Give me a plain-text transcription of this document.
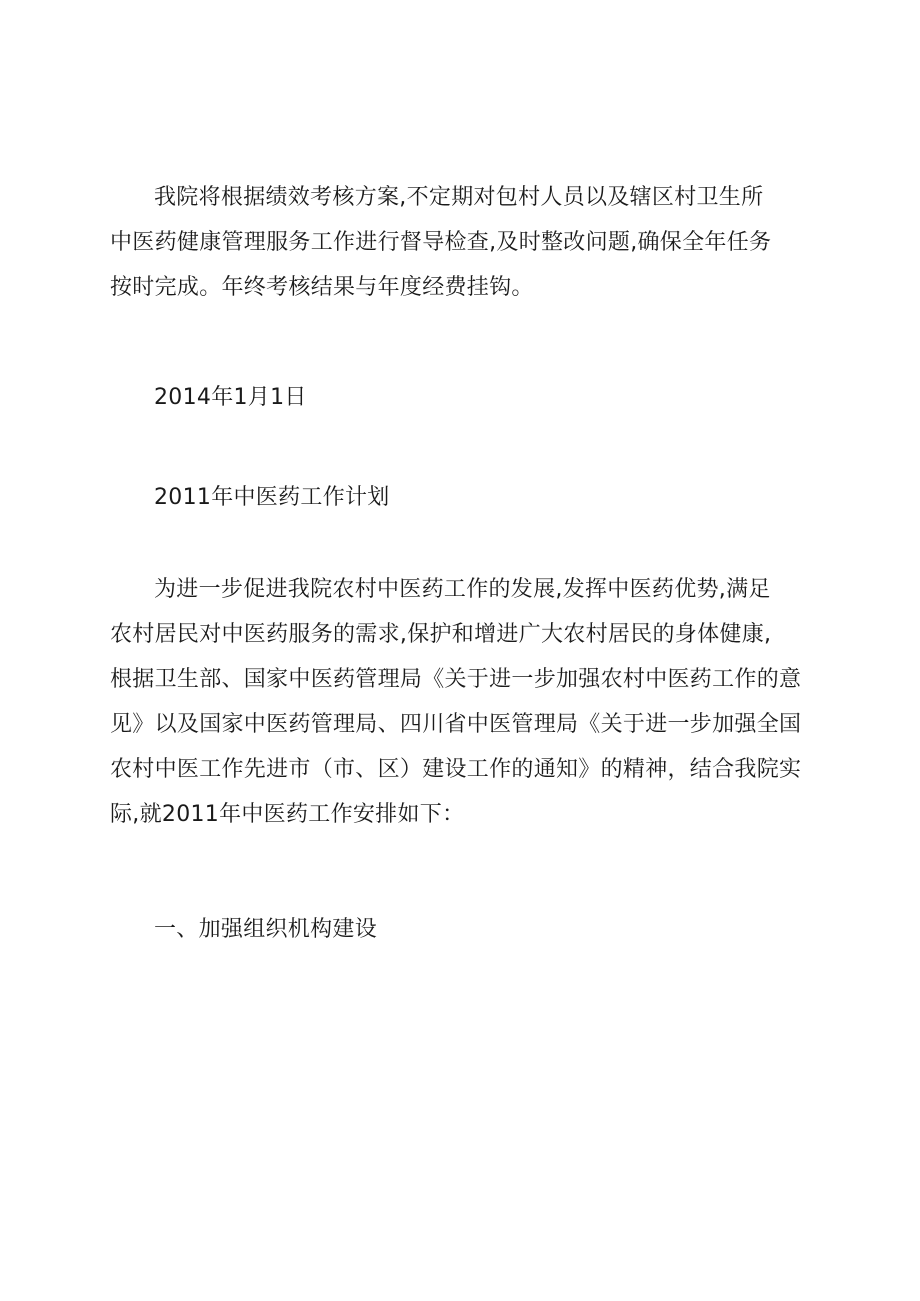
我院将根据绩效考核方案,不定期对包村人员以及辖区村卫生所
中医药健康管理服务工作进行督导检查,及时整改问题,确保全年任务
按时完成。年终考核结果与年度经费挂钩。
2014年1月1日
2011年中医药工作计划
为进一步促进我院农村中医药工作的发展,发挥中医药优势,满足
农村居民对中医药服务的需求,保护和增进广大农村居民的身体健康,
根据卫生部、国家中医药管理局《关于进一步加强农村中医药工作的意
见》以及国家中医药管理局、四川省中医管理局《关于进一步加强全国
农村中医工作先进市（市、区）建设工作的通知》的精神，结合我院实
际,就2011年中医药工作安排如下：
一、加强组织机构建设
